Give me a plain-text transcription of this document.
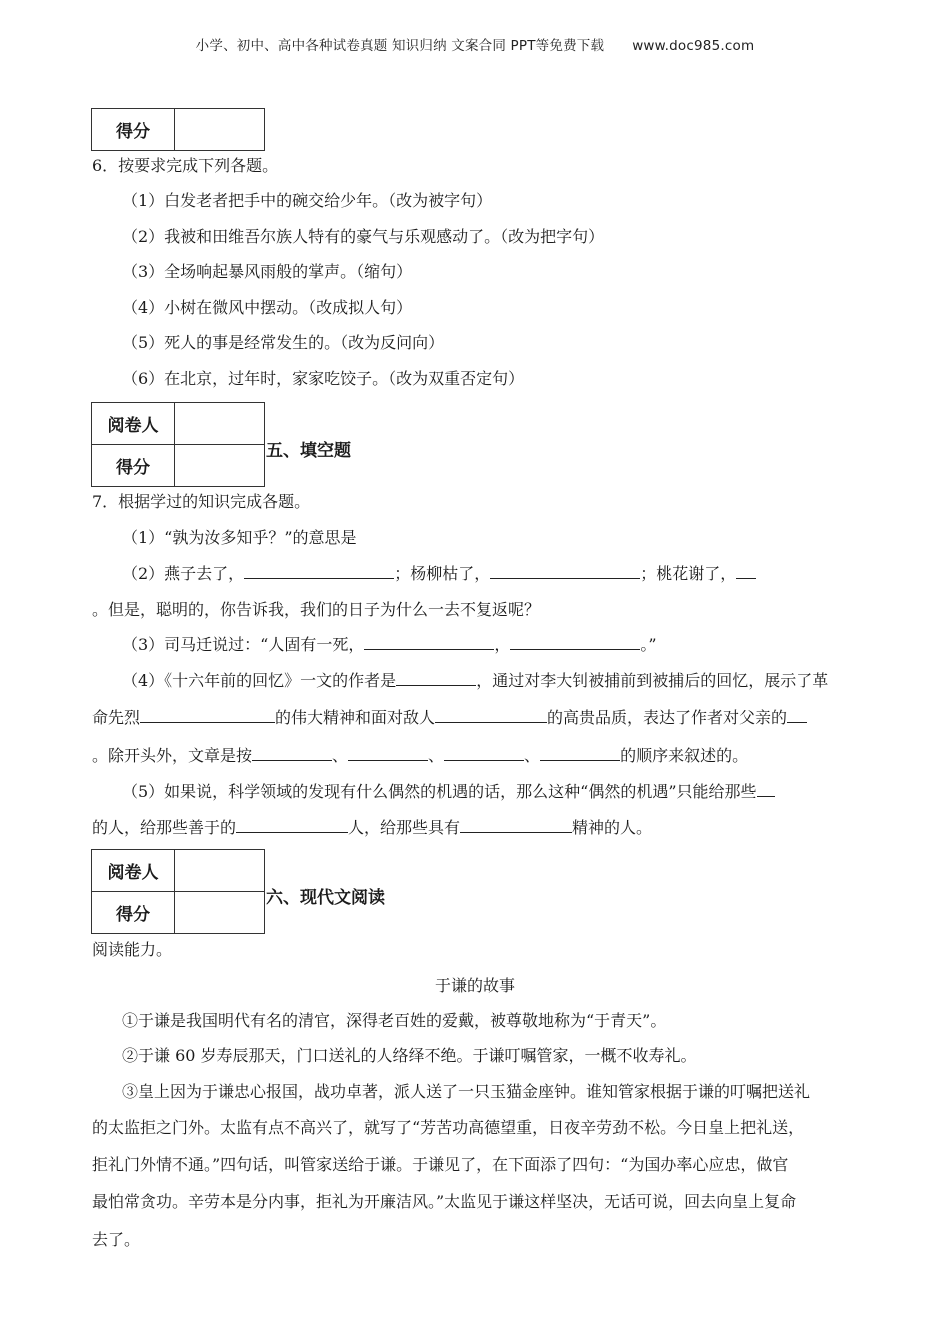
小学、初中、高中各种试卷真题 知识归纳 文案合同 PPT等免费下载 www.doc985.com
得分	
6．按要求完成下列各题。
（1）白发老者把手中的碗交给少年。（改为被字句）
（2）我被和田维吾尔族人特有的豪气与乐观感动了。（改为把字句）
（3）全场响起暴风雨般的掌声。（缩句）
（4）小树在微风中摆动。（改成拟人句）
（5）死人的事是经常发生的。（改为反问向）
（6）在北京，过年时，家家吃饺子。（改为双重否定句）
阅卷人	
得分	
五、填空题
7．根据学过的知识完成各题。
（1）“孰为汝多知乎？”的意思是
（2）燕子去了，	；杨柳枯了，	；桃花谢了，
。但是，聪明的，你告诉我，我们的日子为什么一去不复返呢？
（3）司马迁说过：“人固有一死，	，	。”
（4）《十六年前的回忆》一文的作者是	，通过对李大钊被捕前到被捕后的回忆，展示了革
命先烈	的伟大精神和面对敌人	的高贵品质，表达了作者对父亲的
。除开头外，文章是按	、	、	、	的顺序来叙述的。
（5）如果说，科学领域的发现有什么偶然的机遇的话，那么这种“偶然的机遇”只能给那些
的人，给那些善于的	人，给那些具有	精神的人。
阅卷人	
得分	
六、现代文阅读
阅读能力。
于谦的故事
①于谦是我国明代有名的清官，深得老百姓的爱戴，被尊敬地称为“于青天”。
②于谦 60 岁寿辰那天，门口送礼的人络绎不绝。于谦叮嘱管家，一概不收寿礼。
③皇上因为于谦忠心报国，战功卓著，派人送了一只玉猫金座钟。谁知管家根据于谦的叮嘱把送礼
的太监拒之门外。太监有点不高兴了，就写了“芳苦功高德望重，日夜辛劳劲不松。今日皇上把礼送，
拒礼门外情不通。”四句话，叫管家送给于谦。于谦见了，在下面添了四句：“为国办率心应忠，做官
最怕常贪功。辛劳本是分内事，拒礼为开廉洁风。”太监见于谦这样坚决，无话可说，回去向皇上复命
去了。
